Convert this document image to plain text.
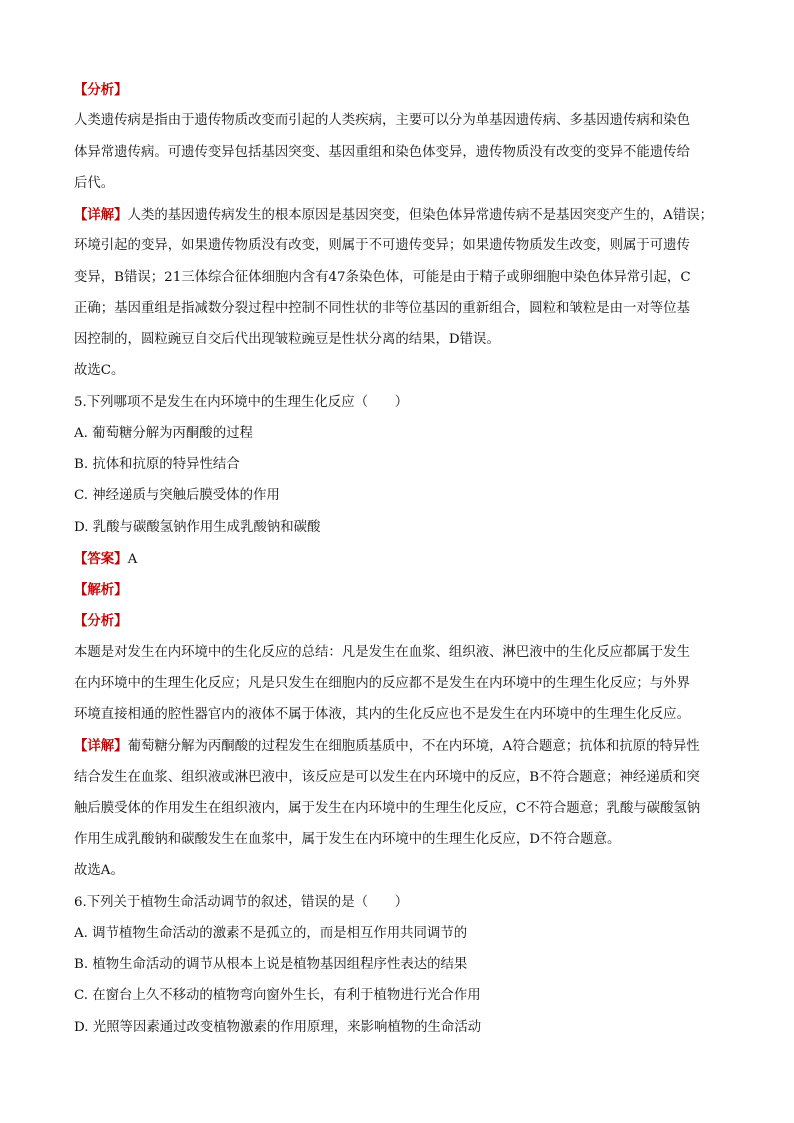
【分析】
人类遗传病是指由于遗传物质改变而引起的人类疾病，主要可以分为单基因遗传病、多基因遗传病和染色
体异常遗传病。可遗传变异包括基因突变、基因重组和染色体变异，遗传物质没有改变的变异不能遗传给
后代。
【详解】人类的基因遗传病发生的根本原因是基因突变，但染色体异常遗传病不是基因突变产生的，A错误；
环境引起的变异，如果遗传物质没有改变，则属于不可遗传变异；如果遗传物质发生改变，则属于可遗传
变异，B错误；21三体综合征体细胞内含有47条染色体，可能是由于精子或卵细胞中染色体异常引起，C
正确；基因重组是指减数分裂过程中控制不同性状的非等位基因的重新组合，圆粒和皱粒是由一对等位基
因控制的，圆粒豌豆自交后代出现皱粒豌豆是性状分离的结果，D错误。
故选C。
5.下列哪项不是发生在内环境中的生理生化反应（　　）
A. 葡萄糖分解为丙酮酸的过程
B. 抗体和抗原的特异性结合
C. 神经递质与突触后膜受体的作用
D. 乳酸与碳酸氢钠作用生成乳酸钠和碳酸
【答案】A
【解析】
【分析】
本题是对发生在内环境中的生化反应的总结：凡是发生在血浆、组织液、淋巴液中的生化反应都属于发生
在内环境中的生理生化反应；凡是只发生在细胞内的反应都不是发生在内环境中的生理生化反应；与外界
环境直接相通的腔性器官内的液体不属于体液，其内的生化反应也不是发生在内环境中的生理生化反应。
【详解】葡萄糖分解为丙酮酸的过程发生在细胞质基质中，不在内环境，A符合题意；抗体和抗原的特异性
结合发生在血浆、组织液或淋巴液中，该反应是可以发生在内环境中的反应，B不符合题意；神经递质和突
触后膜受体的作用发生在组织液内，属于发生在内环境中的生理生化反应，C不符合题意；乳酸与碳酸氢钠
作用生成乳酸钠和碳酸发生在血浆中，属于发生在内环境中的生理生化反应，D不符合题意。
故选A。
6.下列关于植物生命活动调节的叙述，错误的是（　　）
A. 调节植物生命活动的激素不是孤立的，而是相互作用共同调节的
B. 植物生命活动的调节从根本上说是植物基因组程序性表达的结果
C. 在窗台上久不移动的植物弯向窗外生长，有利于植物进行光合作用
D. 光照等因素通过改变植物激素的作用原理，来影响植物的生命活动
